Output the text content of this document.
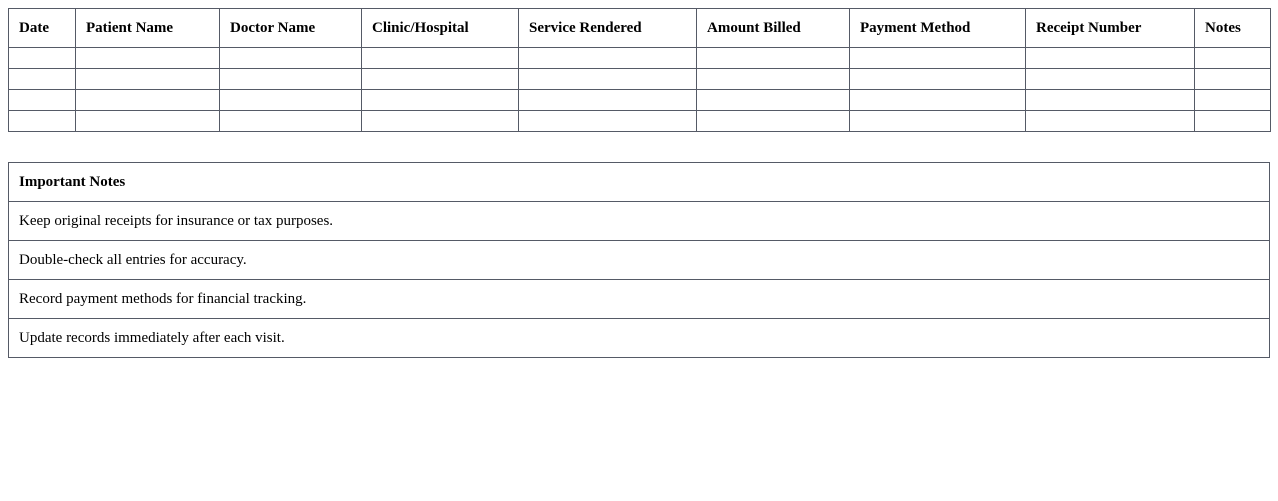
Date	Patient Name	Doctor Name	Clinic/Hospital	Service Rendered	Amount Billed	Payment Method	Receipt Number	Notes

Important Notes
Keep original receipts for insurance or tax purposes.
Double-check all entries for accuracy.
Record payment methods for financial tracking.
Update records immediately after each visit.
